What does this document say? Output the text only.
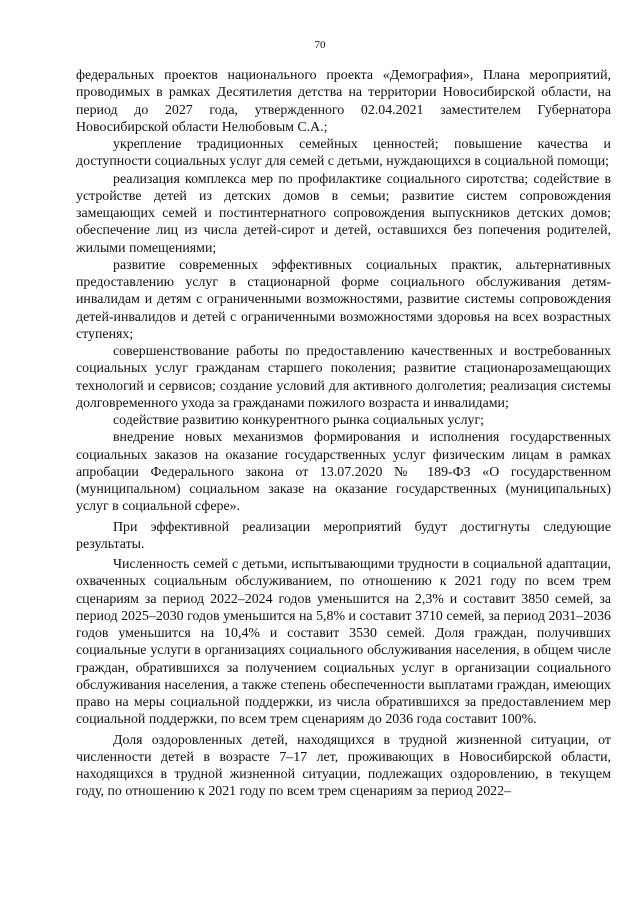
70

федеральных проектов национального проекта «Демография», Плана мероприятий, проводимых в рамках Десятилетия детства на территории Новосибирской области, на период до 2027 года, утвержденного 02.04.2021 заместителем Губернатора Новосибирской области Нелюбовым С.А.;

укрепление традиционных семейных ценностей; повышение качества и доступности социальных услуг для семей с детьми, нуждающихся в социальной помощи;

реализация комплекса мер по профилактике социального сиротства; содействие в устройстве детей из детских домов в семьи; развитие систем сопровождения замещающих семей и постинтернатного сопровождения выпускников детских домов; обеспечение лиц из числа детей-сирот и детей, оставшихся без попечения родителей, жилыми помещениями;

развитие современных эффективных социальных практик, альтернативных предоставлению услуг в стационарной форме социального обслуживания детям-инвалидам и детям с ограниченными возможностями, развитие системы сопровождения детей-инвалидов и детей с ограниченными возможностями здоровья на всех возрастных ступенях;

совершенствование работы по предоставлению качественных и востребованных социальных услуг гражданам старшего поколения; развитие стационарозамещающих технологий и сервисов; создание условий для активного долголетия; реализация системы долговременного ухода за гражданами пожилого возраста и инвалидами;

содействие развитию конкурентного рынка социальных услуг;

внедрение новых механизмов формирования и исполнения государственных социальных заказов на оказание государственных услуг физическим лицам в рамках апробации Федерального закона от 13.07.2020 № 189-ФЗ «О государственном (муниципальном) социальном заказе на оказание государственных (муниципальных) услуг в социальной сфере».

При эффективной реализации мероприятий будут достигнуты следующие результаты.

Численность семей с детьми, испытывающими трудности в социальной адаптации, охваченных социальным обслуживанием, по отношению к 2021 году по всем трем сценариям за период 2022–2024 годов уменьшится на 2,3% и составит 3850 семей, за период 2025–2030 годов уменьшится на 5,8% и составит 3710 семей, за период 2031–2036 годов уменьшится на 10,4% и составит 3530 семей. Доля граждан, получивших социальные услуги в организациях социального обслуживания населения, в общем числе граждан, обратившихся за получением социальных услуг в организации социального обслуживания населения, а также степень обеспеченности выплатами граждан, имеющих право на меры социальной поддержки, из числа обратившихся за предоставлением мер социальной поддержки, по всем трем сценариям до 2036 года составит 100%.

Доля оздоровленных детей, находящихся в трудной жизненной ситуации, от численности детей в возрасте 7–17 лет, проживающих в Новосибирской области, находящихся в трудной жизненной ситуации, подлежащих оздоровлению, в текущем году, по отношению к 2021 году по всем трем сценариям за период 2022–
